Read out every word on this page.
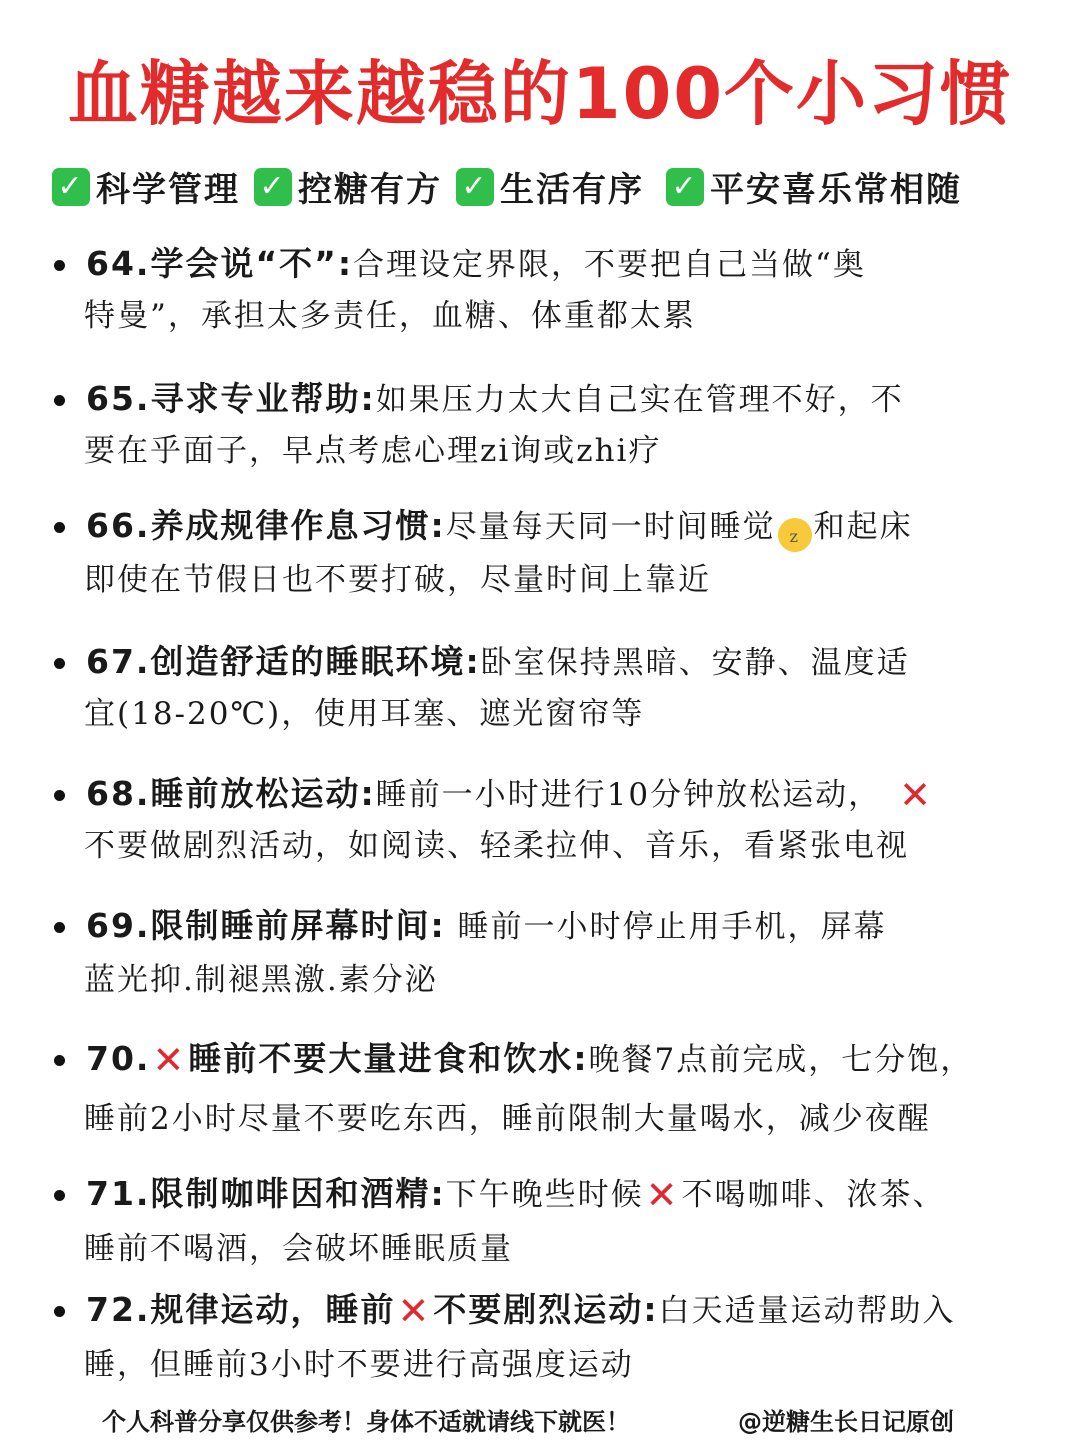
血糖越来越稳的100个小习惯
✓ 科学管理 ✓ 控糖有方 ✓ 生活有序 ✓ 平安喜乐常相随
64.学会说“不”:合理设定界限，不要把自己当做“奥
特曼”，承担太多责任，血糖、体重都太累
65.寻求专业帮助:如果压力太大自己实在管理不好，不
要在乎面子，早点考虑心理zi询或zhi疗
66.养成规律作息习惯:尽量每天同一时间睡觉 z 和起床
即使在节假日也不要打破，尽量时间上靠近
67.创造舒适的睡眠环境:卧室保持黑暗、安静、温度适
宜(18-20℃)，使用耳塞、遮光窗帘等
68.睡前放松运动:睡前一小时进行10分钟放松运动， ✕
不要做剧烈活动，如阅读、轻柔拉伸、音乐，看紧张电视
69.限制睡前屏幕时间: 睡前一小时停止用手机，屏幕
蓝光抑.制褪黑激.素分泌
70.✕睡前不要大量进食和饮水:晚餐7点前完成，七分饱，
睡前2小时尽量不要吃东西，睡前限制大量喝水，减少夜醒
71.限制咖啡因和酒精:下午晚些时候✕不喝咖啡、浓茶、
睡前不喝酒，会破坏睡眠质量
72.规律运动，睡前✕不要剧烈运动:白天适量运动帮助入
睡，但睡前3小时不要进行高强度运动
个人科普分享仅供参考！身体不适就请线下就医！	@逆糖生长日记原创
